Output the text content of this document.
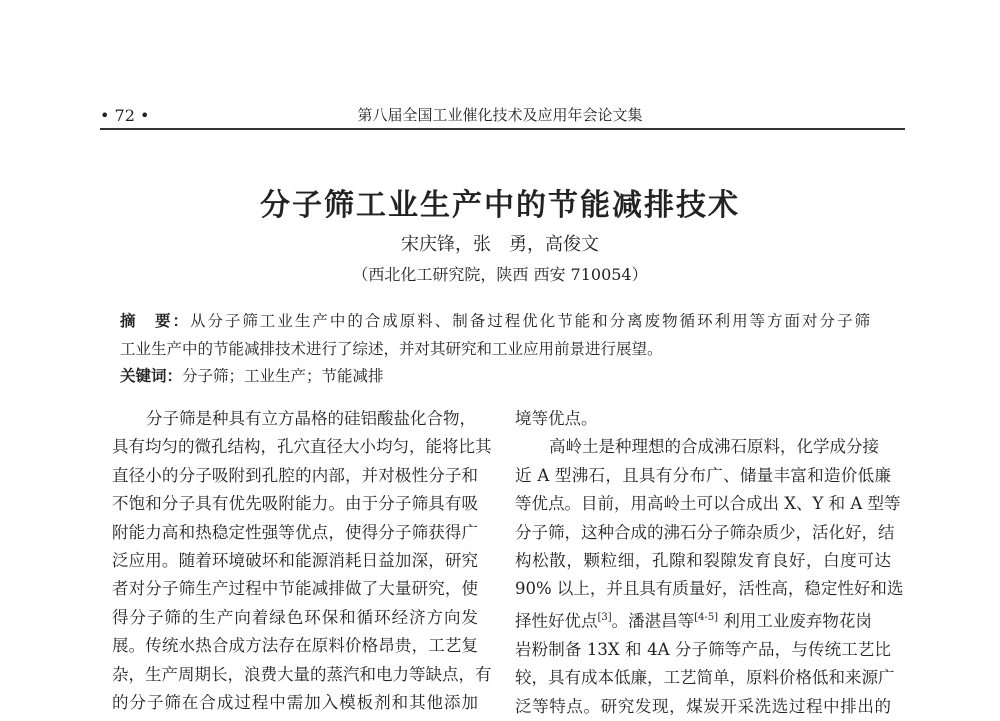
• 72 •	第八届全国工业催化技术及应用年会论文集
分子筛工业生产中的节能减排技术
宋庆锋，张　勇，高俊文
（西北化工研究院，陕西 西安 710054）
摘　要：从分子筛工业生产中的合成原料、制备过程优化节能和分离废物循环利用等方面对分子筛
工业生产中的节能减排技术进行了综述，并对其研究和工业应用前景进行展望。
关键词：分子筛；工业生产；节能减排
分子筛是种具有立方晶格的硅铝酸盐化合物，
具有均匀的微孔结构，孔穴直径大小均匀，能将比其
直径小的分子吸附到孔腔的内部，并对极性分子和
不饱和分子具有优先吸附能力。由于分子筛具有吸
附能力高和热稳定性强等优点，使得分子筛获得广
泛应用。随着环境破坏和能源消耗日益加深，研究
者对分子筛生产过程中节能减排做了大量研究，使
得分子筛的生产向着绿色环保和循环经济方向发
展。传统水热合成方法存在原料价格昂贵，工艺复
杂，生产周期长，浪费大量的蒸汽和电力等缺点，有
的分子筛在合成过程中需加入模板剂和其他添加
境等优点。
高岭土是种理想的合成沸石原料，化学成分接
近 A 型沸石，且具有分布广、储量丰富和造价低廉
等优点。目前，用高岭土可以合成出 X、Y 和 A 型等
分子筛，这种合成的沸石分子筛杂质少，活化好，结
构松散，颗粒细，孔隙和裂隙发育良好，白度可达
90% 以上，并且具有质量好，活性高，稳定性好和选
择性好优点[3]。潘湛昌等[4-5] 利用工业废弃物花岗
岩粉制备 13X 和 4A 分子筛等产品，与传统工艺比
较，具有成本低廉，工艺简单，原料价格低和来源广
泛等特点。研究发现，煤炭开采洗选过程中排出的
